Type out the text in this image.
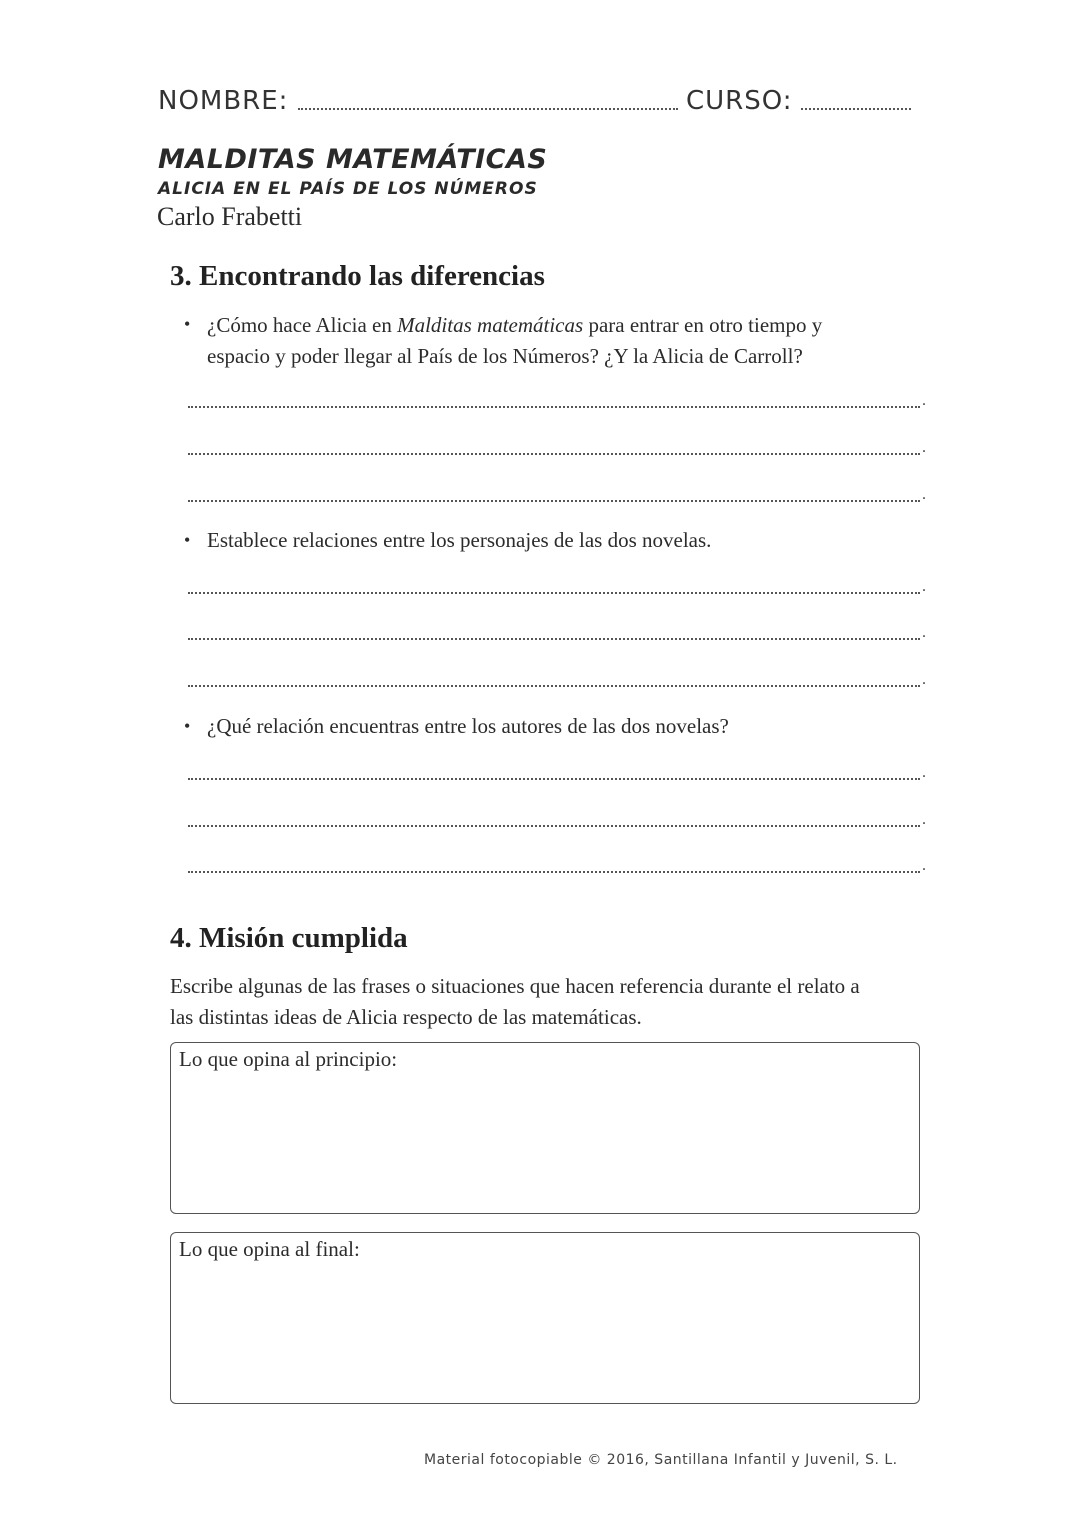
NOMBRE:	CURSO:
MALDITAS MATEMÁTICAS
ALICIA EN EL PAÍS DE LOS NÚMEROS
Carlo Frabetti
3. Encontrando las diferencias
• ¿Cómo hace Alicia en Malditas matemáticas para entrar en otro tiempo y
espacio y poder llegar al País de los Números? ¿Y la Alicia de Carroll?
.
.
.
• Establece relaciones entre los personajes de las dos novelas.
.
.
.
• ¿Qué relación encuentras entre los autores de las dos novelas?
.
.
.
4. Misión cumplida
Escribe algunas de las frases o situaciones que hacen referencia durante el relato a
las distintas ideas de Alicia respecto de las matemáticas.
Lo que opina al principio:
Lo que opina al final:
Material fotocopiable © 2016, Santillana Infantil y Juvenil, S. L.
